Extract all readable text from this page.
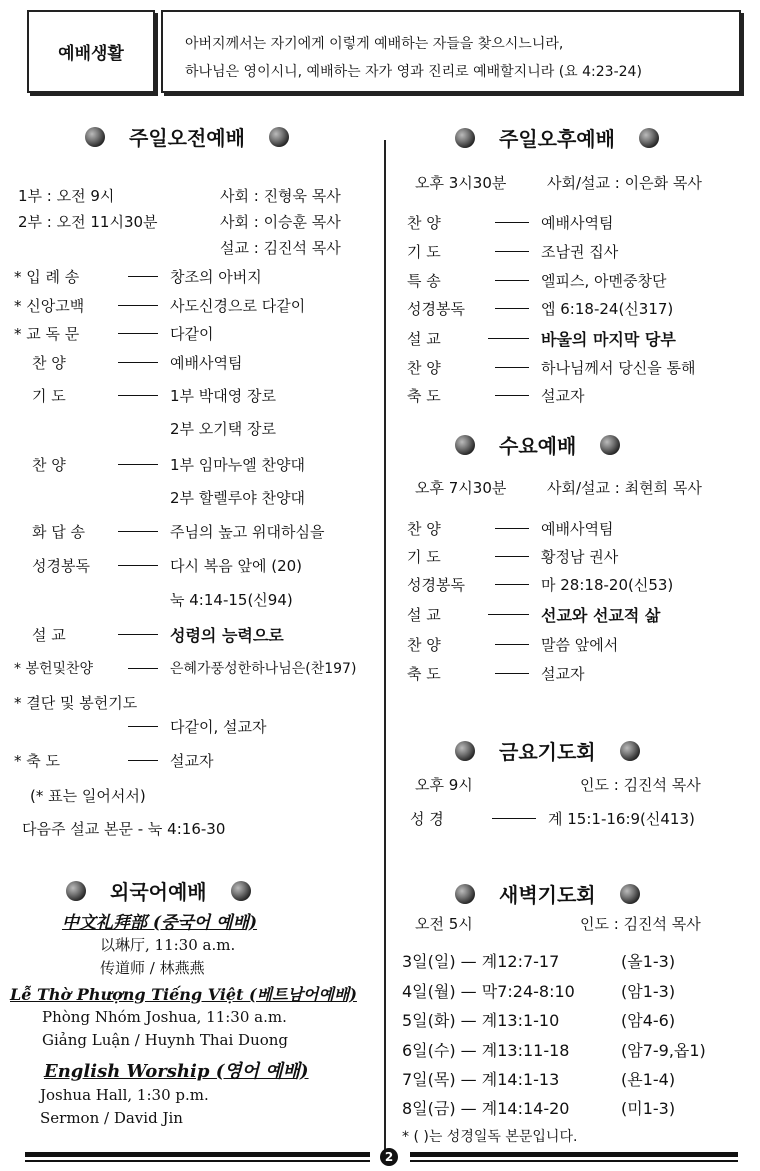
예배생활	아버지께서는 자기에게 이렇게 예배하는 자들을 찾으시느니라,
하나님은 영이시니, 예배하는 자가 영과 진리로 예배할지니라 (요 4:23-24)
주일오전예배
1부 : 오전 9시	사회 : 진형욱 목사
2부 : 오전 11시30분	사회 : 이승훈 목사
설교 : 김진석 목사
* 입 례 송	창조의 아버지
* 신앙고백	사도신경으로 다같이
* 교 독 문	다같이
찬 양	예배사역팀
기 도	1부 박대영 장로
2부 오기택 장로
찬 양	1부 임마누엘 찬양대
2부 할렐루야 찬양대
화 답 송	주님의 높고 위대하심을
성경봉독	다시 복음 앞에 (20)
눅 4:14-15(신94)
설 교	성령의 능력으로
* 봉헌및찬양	은혜가풍성한하나님은(찬197)
* 결단 및 봉헌기도
다같이, 설교자
* 축 도	설교자
(* 표는 일어서서)
다음주 설교 본문 - 눅 4:16-30
외국어예배
中文礼拜部 (중국어 예배)
以琳厅, 11:30 a.m.
传道师 / 林燕燕
Lễ Thờ Phượng Tiếng Việt (베트남어예배)
Phòng Nhóm Joshua, 11:30 a.m.
Giảng Luận / Huynh Thai Duong
English Worship (영어 예배)
Joshua Hall, 1:30 p.m.
Sermon / David Jin
주일오후예배
오후 3시30분	사회/설교 : 이은화 목사
찬 양	예배사역팀
기 도	조남권 집사
특 송	엘피스, 아멘중창단
성경봉독	엡 6:18-24(신317)
설 교	바울의 마지막 당부
찬 양	하나님께서 당신을 통해
축 도	설교자
수요예배
오후 7시30분	사회/설교 : 최현희 목사
찬 양	예배사역팀
기 도	황정남 권사
성경봉독	마 28:18-20(신53)
설 교	선교와 선교적 삶
찬 양	말씀 앞에서
축 도	설교자
금요기도회
오후 9시	인도 : 김진석 목사
성 경	계 15:1-16:9(신413)
새벽기도회
오전 5시	인도 : 김진석 목사
3일(일) — 계12:7-17	(올1-3)
4일(월) — 막7:24-8:10	(암1-3)
5일(화) — 계13:1-10	(암4-6)
6일(수) — 계13:11-18	(암7-9,옵1)
7일(목) — 계14:1-13	(욘1-4)
8일(금) — 계14:14-20	(미1-3)
* ( )는 성경일독 본문입니다.
2
